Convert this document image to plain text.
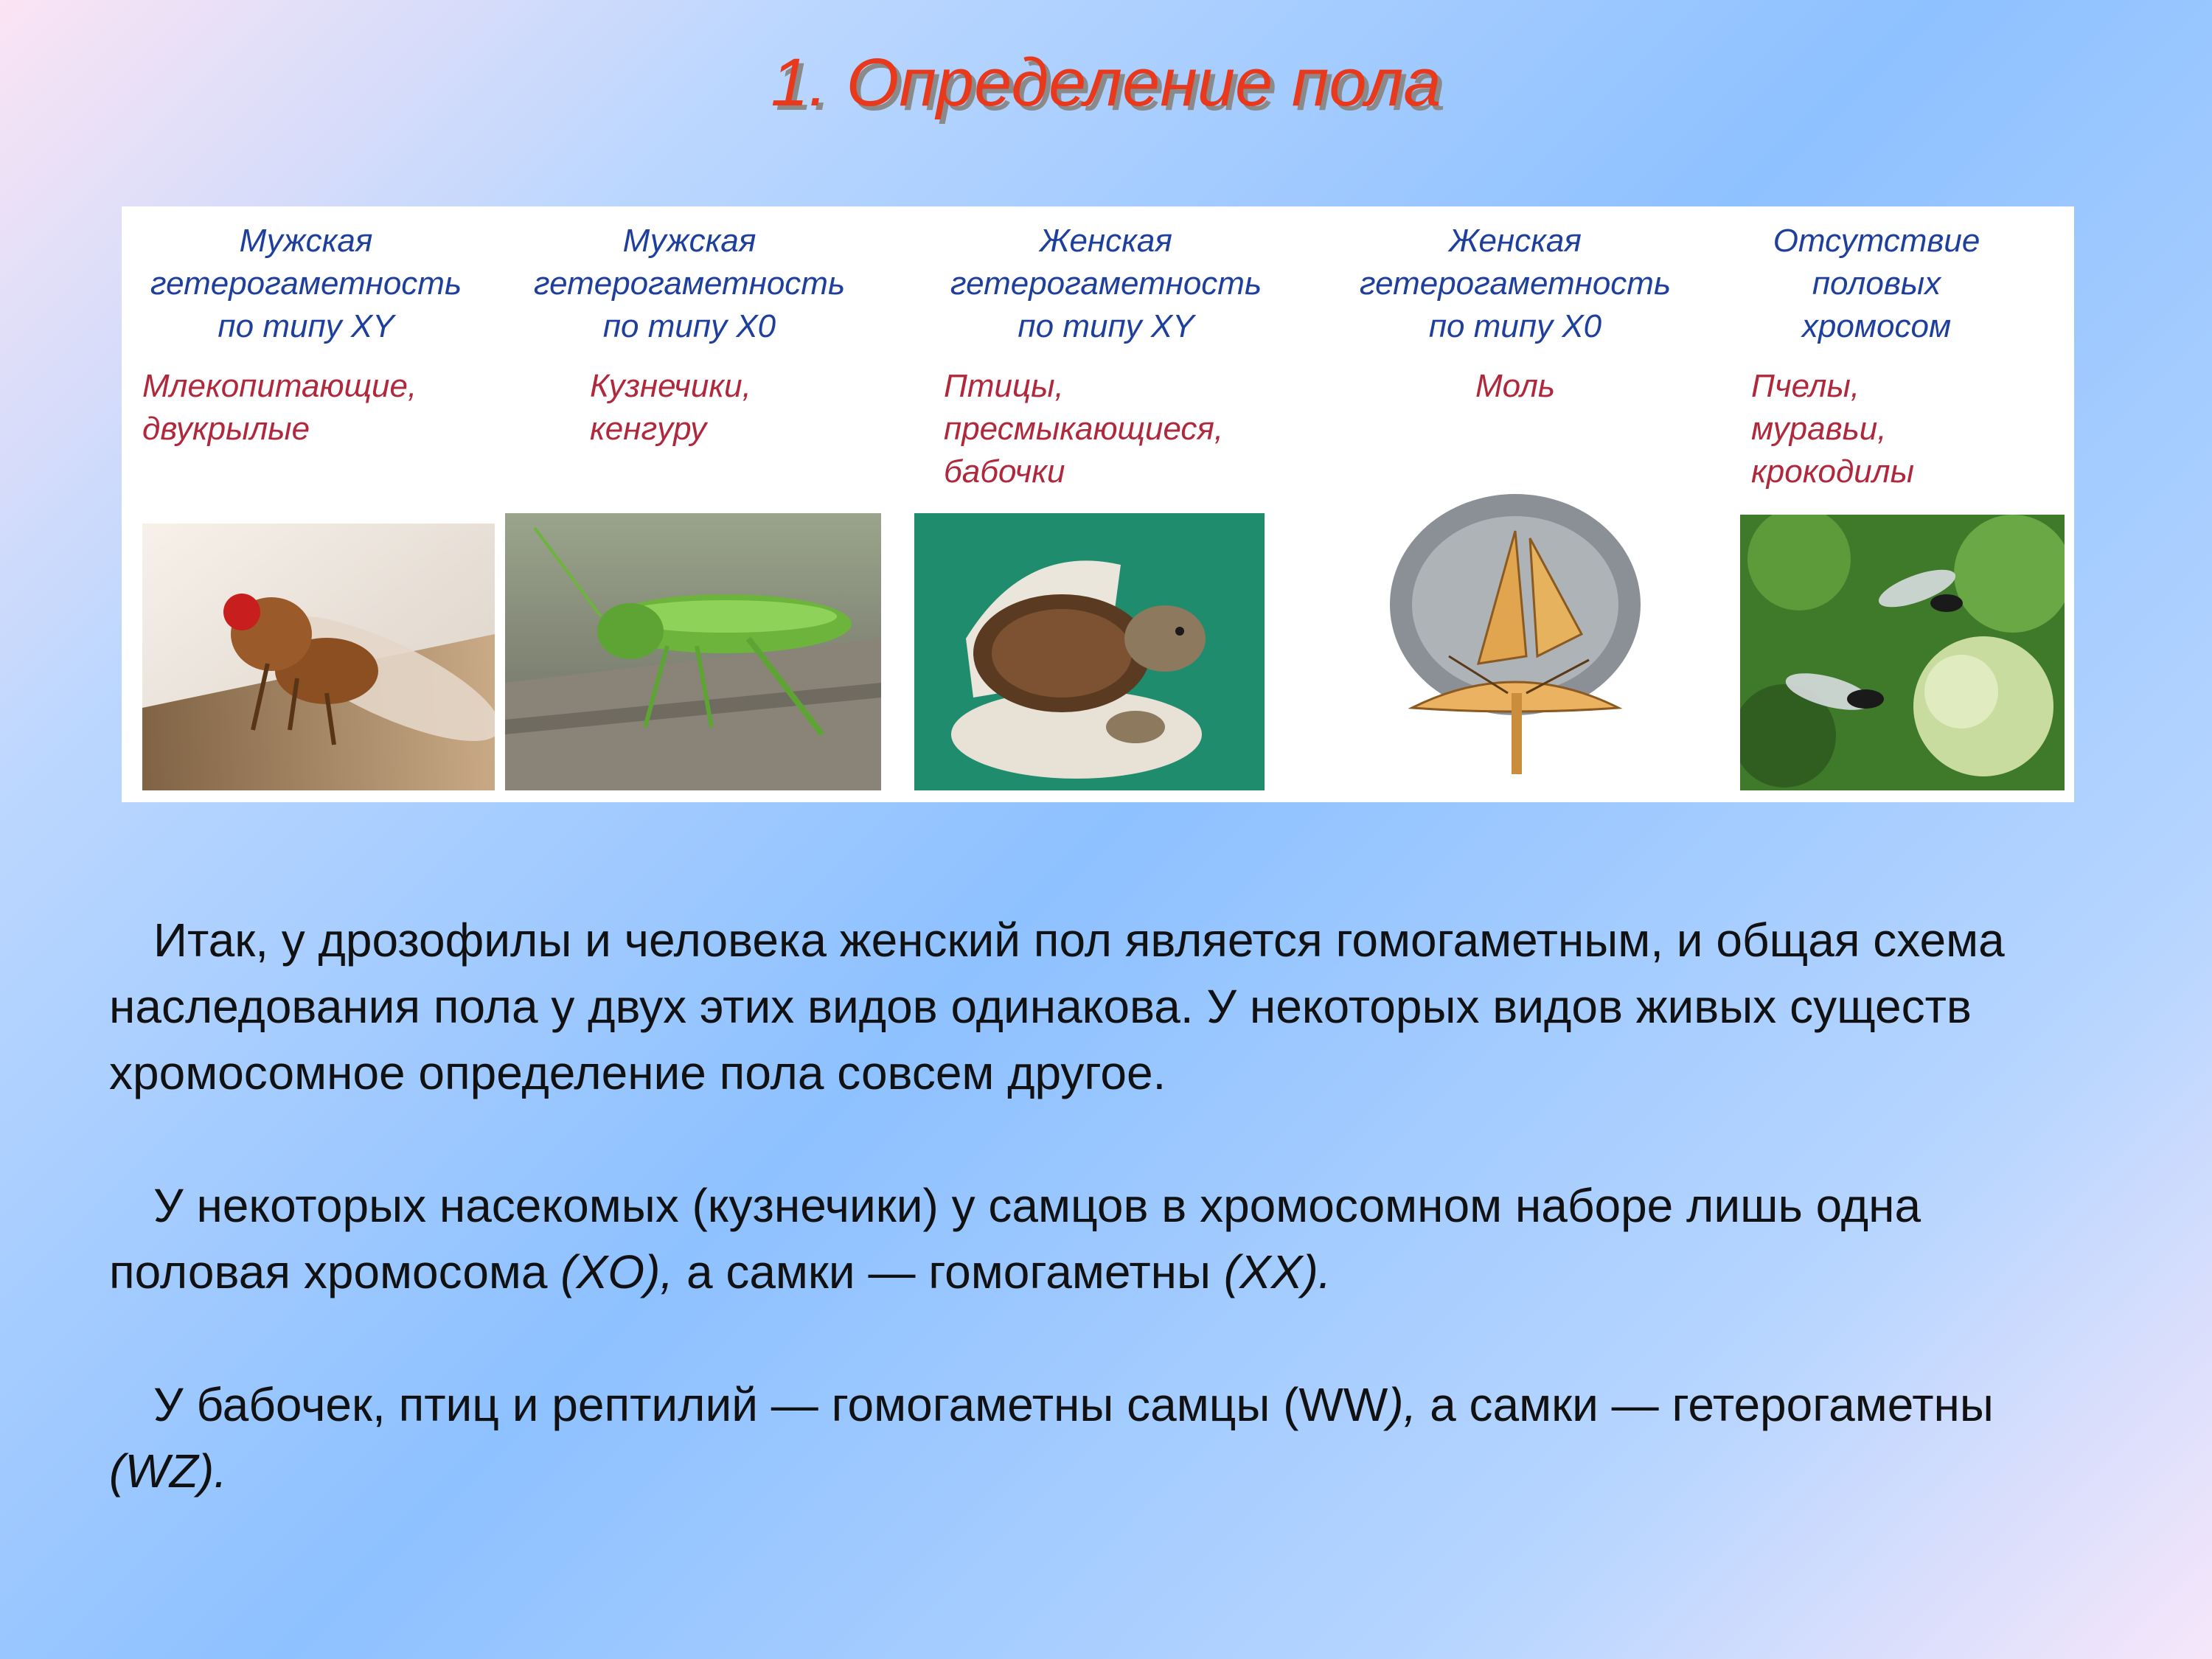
1. Определение пола
Мужская
гетерогаметность
по типу XY
Млекопитающие,
двукрылые
Мужская
гетерогаметность
по типу X0
Кузнечики,
кенгуру
Женская
гетерогаметность
по типу XY
Птицы,
пресмыкающиеся,
бабочки
Женская
гетерогаметность
по типу X0
Моль
Отсутствие
половых
хромосом
Пчелы,
муравьи,
крокодилы

Итак, у дрозофилы и человека женский пол является гомогаметным, и общая схема наследования пола у двух этих видов одинакова. У некоторых видов живых существ хромосомное определение пола совсем другое.

У некоторых насекомых (кузнечики) у самцов в хромосомном наборе лишь одна половая хромосома (XO), а самки — гомогаметны (XX).

У бабочек, птиц и рептилий — гомогаметны самцы (WW), а самки — гетерогаметны (WZ).
